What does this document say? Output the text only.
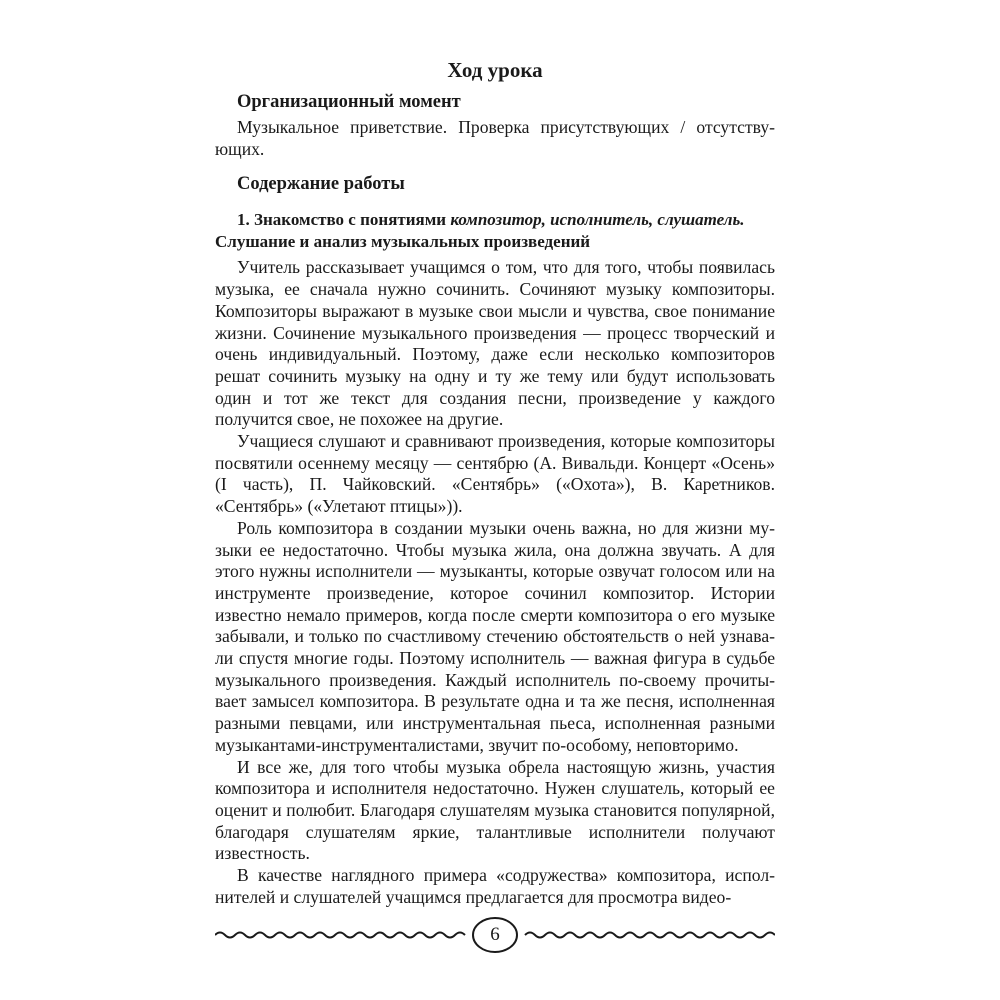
Ход урока
Организационный момент

Музыкальное приветствие. Проверка присутствующих / отсутствующих.

Содержание работы
1. Знакомство с понятиями композитор, исполнитель, слушатель.
Слушание и анализ музыкальных произведений

Учитель рассказывает учащимся о том, что для того, чтобы появилась музыка, ее сначала нужно сочинить. Сочиняют музыку композиторы. Композиторы выражают в музыке свои мысли и чувства, свое понимание жизни. Сочинение музыкального произведения — процесс творческий и очень индивидуальный. Поэтому, даже если несколько композиторов решат сочинить музыку на одну и ту же тему или будут использовать один и тот же текст для создания песни, произведение у каждого получится свое, не похожее на другие.

Учащиеся слушают и сравнивают произведения, которые композиторы посвятили осеннему месяцу — сентябрю (А. Вивальди. Концерт «Осень» (I часть), П. Чайковский. «Сентябрь» («Охота»), В. Каретников. «Сентябрь» («Улетают птицы»)).

Роль композитора в создании музыки очень важна, но для жизни музыки ее недостаточно. Чтобы музыка жила, она должна звучать. А для этого нужны исполнители — музыканты, которые озвучат голосом или на инструменте произведение, которое сочинил композитор. Истории известно немало примеров, когда после смерти композитора о его музыке забывали, и только по счастливому стечению обстоятельств о ней узнавали спустя многие годы. Поэтому исполнитель — важная фигура в судьбе музыкального произведения. Каждый исполнитель по-своему прочитывает замысел композитора. В результате одна и та же песня, исполненная разными певцами, или инструментальная пьеса, исполненная разными музыкантами-инструменталистами, звучит по-особому, неповторимо.

И все же, для того чтобы музыка обрела настоящую жизнь, участия композитора и исполнителя недостаточно. Нужен слушатель, который ее оценит и полюбит. Благодаря слушателям музыка становится популярной, благодаря слушателям яркие, талантливые исполнители получают известность.

В качестве наглядного примера «содружества» композитора, исполнителей и слушателей учащимся предлагается для просмотра видео-

6
